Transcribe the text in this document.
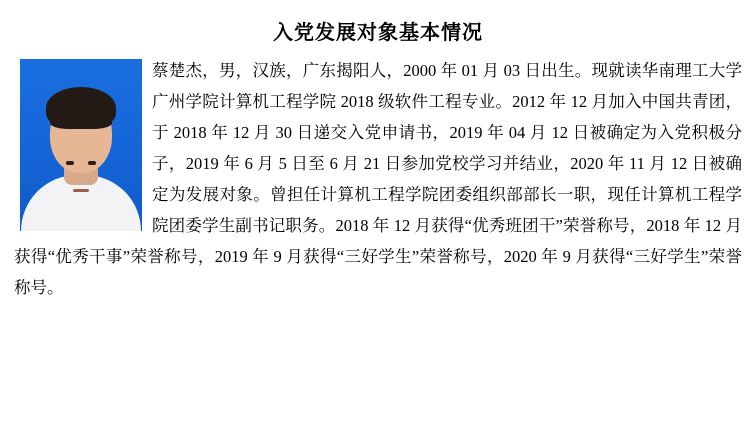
入党发展对象基本情况
蔡楚杰，男，汉族，广东揭阳人，2000 年 01 月 03 日出生。现就读华南理工大学广州学院计算机工程学院 2018 级软件工程专业。2012 年 12 月加入中国共青团，于 2018 年 12 月 30 日递交入党申请书，2019 年 04 月 12 日被确定为入党积极分子，2019 年 6 月 5 日至 6 月 21 日参加党校学习并结业，2020 年 11 月 12 日被确定为发展对象。曾担任计算机工程学院团委组织部部长一职，现任计算机工程学院团委学生副书记职务。2018 年 12 月获得“优秀班团干”荣誉称号，2018 年 12 月获得“优秀干事”荣誉称号，2019 年 9 月获得“三好学生”荣誉称号，2020 年 9 月获得“三好学生”荣誉称号。
